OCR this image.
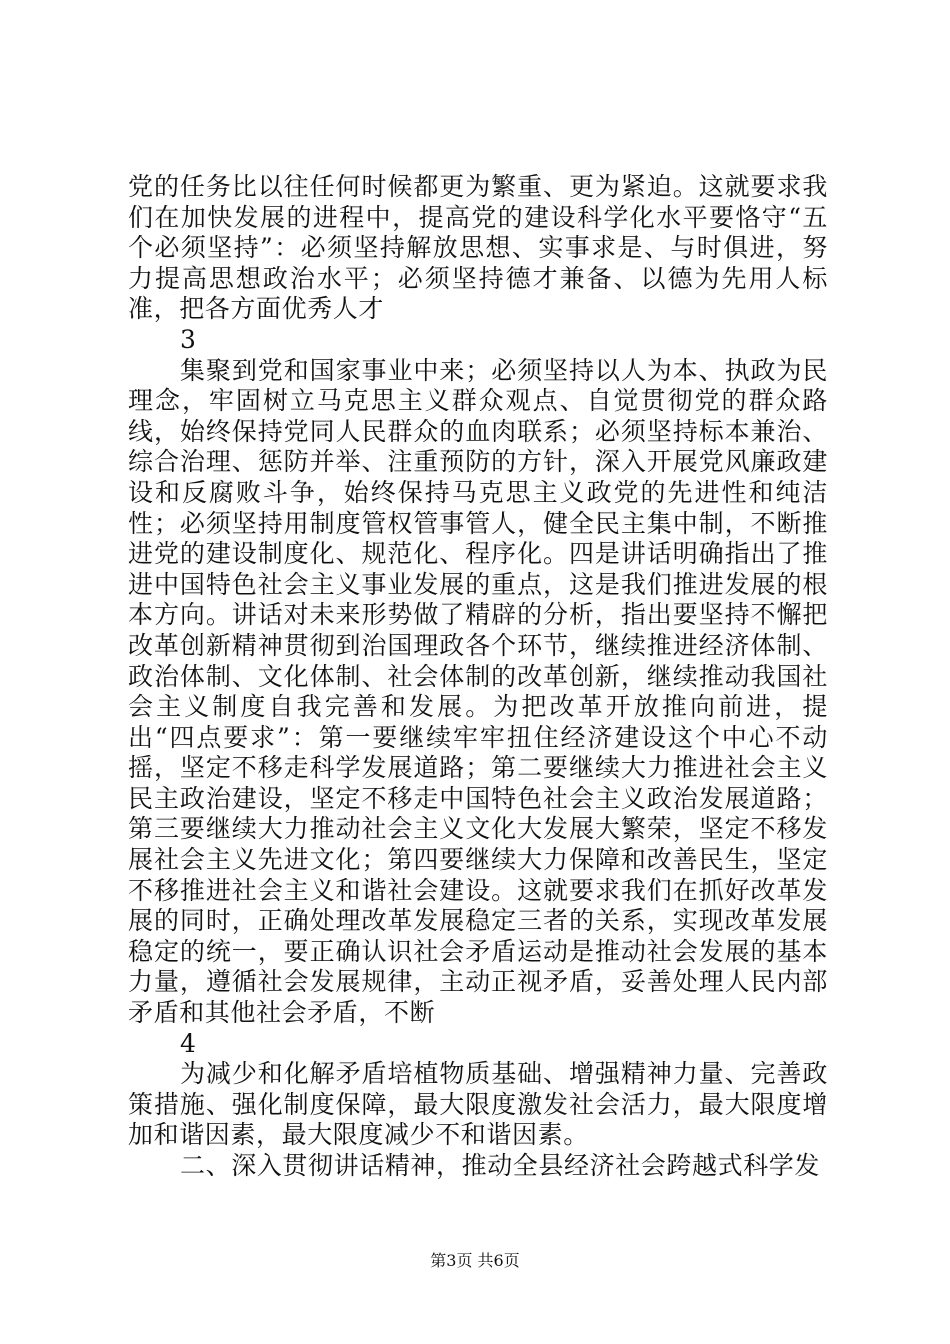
党的任务比以往任何时候都更为繁重、更为紧迫。这就要求我们在加快发展的进程中，提高党的建设科学化水平要恪守“五个必须坚持”：必须坚持解放思想、实事求是、与时俱进，努力提高思想政治水平；必须坚持德才兼备、以德为先用人标准，把各方面优秀人才

3

集聚到党和国家事业中来；必须坚持以人为本、执政为民理念，牢固树立马克思主义群众观点、自觉贯彻党的群众路线，始终保持党同人民群众的血肉联系；必须坚持标本兼治、综合治理、惩防并举、注重预防的方针，深入开展党风廉政建设和反腐败斗争，始终保持马克思主义政党的先进性和纯洁性；必须坚持用制度管权管事管人，健全民主集中制，不断推进党的建设制度化、规范化、程序化。四是讲话明确指出了推进中国特色社会主义事业发展的重点，这是我们推进发展的根本方向。讲话对未来形势做了精辟的分析，指出要坚持不懈把改革创新精神贯彻到治国理政各个环节，继续推进经济体制、政治体制、文化体制、社会体制的改革创新，继续推动我国社会主义制度自我完善和发展。为把改革开放推向前进，提出“四点要求”：第一要继续牢牢扭住经济建设这个中心不动摇，坚定不移走科学发展道路；第二要继续大力推进社会主义民主政治建设，坚定不移走中国特色社会主义政治发展道路；第三要继续大力推动社会主义文化大发展大繁荣，坚定不移发展社会主义先进文化；第四要继续大力保障和改善民生，坚定不移推进社会主义和谐社会建设。这就要求我们在抓好改革发展的同时，正确处理改革发展稳定三者的关系，实现改革发展稳定的统一，要正确认识社会矛盾运动是推动社会发展的基本力量，遵循社会发展规律，主动正视矛盾，妥善处理人民内部矛盾和其他社会矛盾，不断

4

为减少和化解矛盾培植物质基础、增强精神力量、完善政策措施、强化制度保障，最大限度激发社会活力，最大限度增加和谐因素，最大限度减少不和谐因素。

二、深入贯彻讲话精神，推动全县经济社会跨越式科学发

第3页 共6页
